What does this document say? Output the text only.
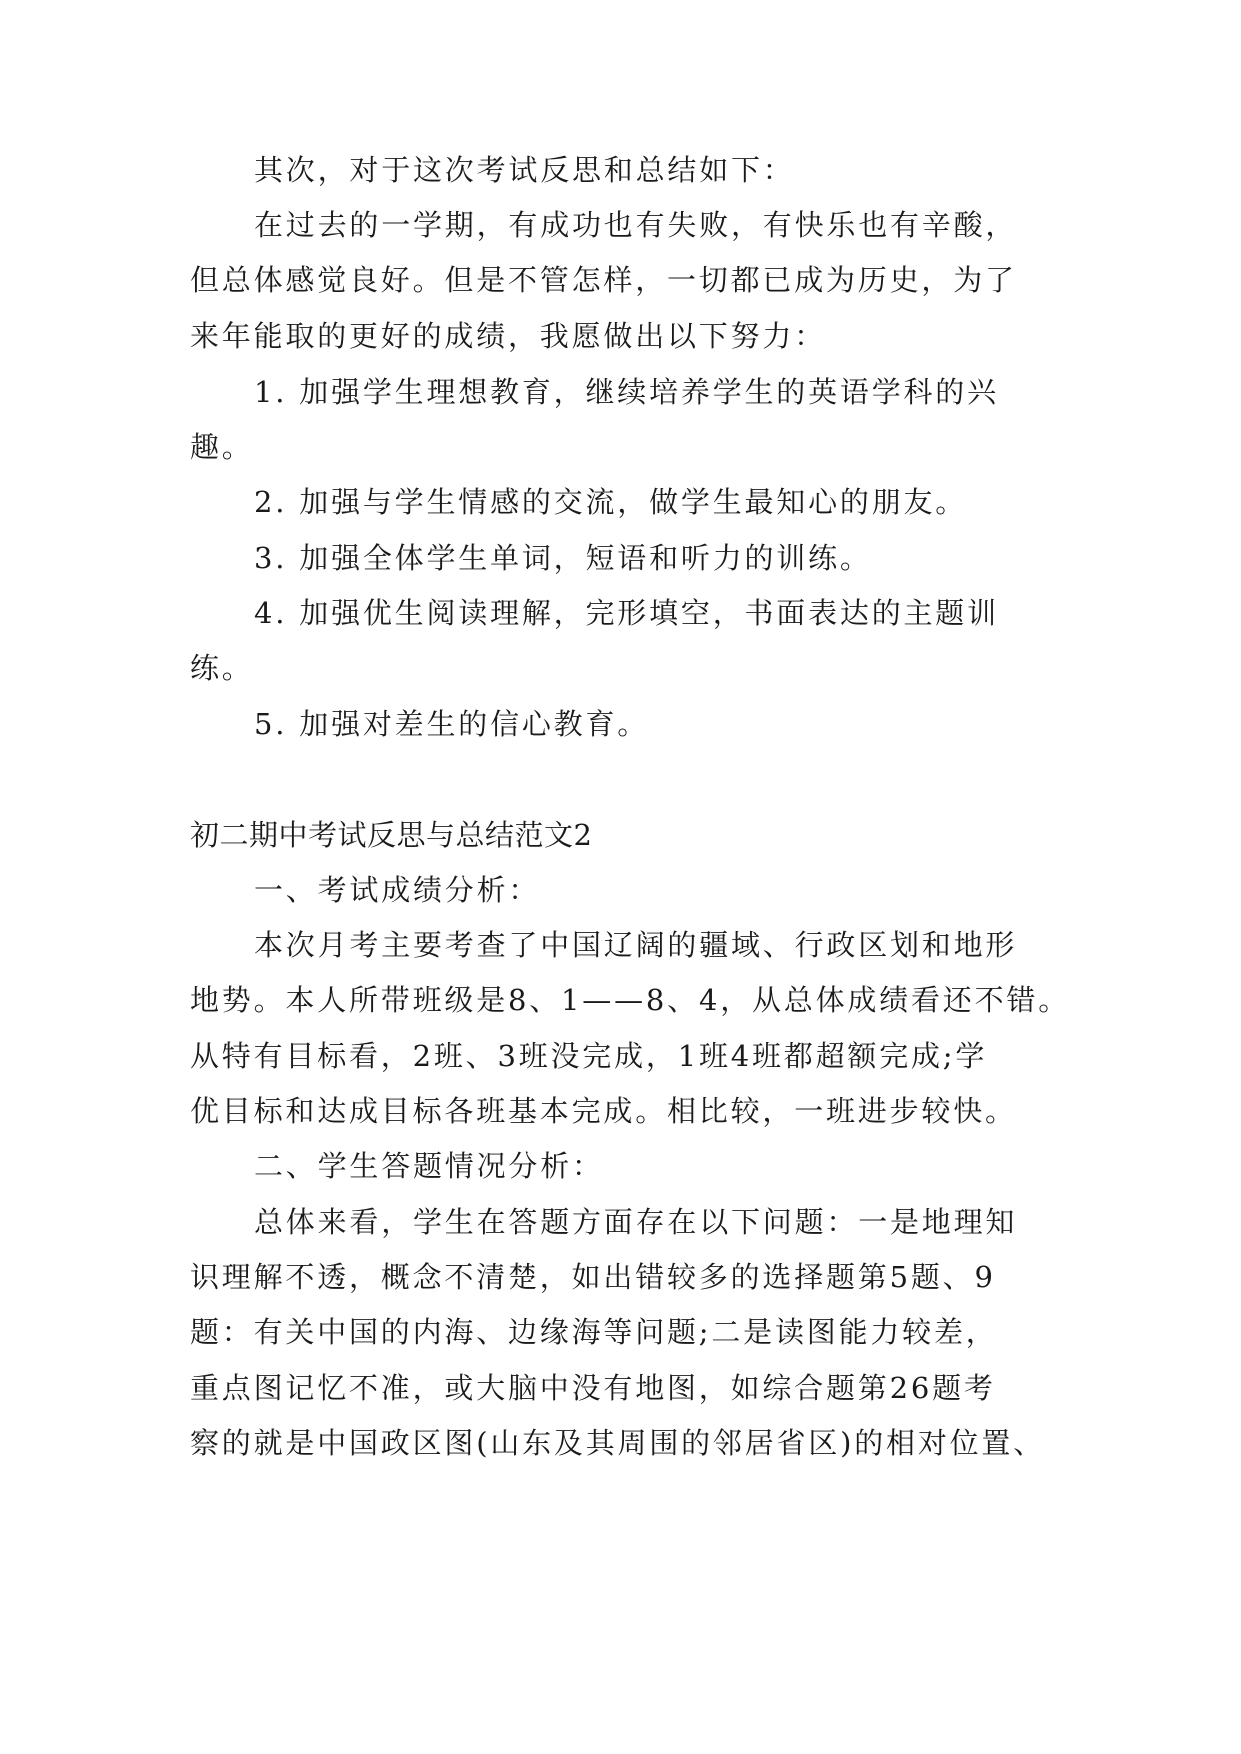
其次，对于这次考试反思和总结如下：
在过去的一学期，有成功也有失败，有快乐也有辛酸，
但总体感觉良好。但是不管怎样，一切都已成为历史，为了
来年能取的更好的成绩，我愿做出以下努力：
1. 加强学生理想教育，继续培养学生的英语学科的兴
趣。
2. 加强与学生情感的交流，做学生最知心的朋友。
3. 加强全体学生单词，短语和听力的训练。
4. 加强优生阅读理解，完形填空，书面表达的主题训
练。
5. 加强对差生的信心教育。
初二期中考试反思与总结范文2
一、考试成绩分析：
本次月考主要考查了中国辽阔的疆域、行政区划和地形
地势。本人所带班级是8、1——8、4，从总体成绩看还不错。
从特有目标看，2班、3班没完成，1班4班都超额完成;学
优目标和达成目标各班基本完成。相比较，一班进步较快。
二、学生答题情况分析：
总体来看，学生在答题方面存在以下问题：一是地理知
识理解不透，概念不清楚，如出错较多的选择题第5题、9
题：有关中国的内海、边缘海等问题;二是读图能力较差，
重点图记忆不准，或大脑中没有地图，如综合题第26题考
察的就是中国政区图(山东及其周围的邻居省区)的相对位置、
